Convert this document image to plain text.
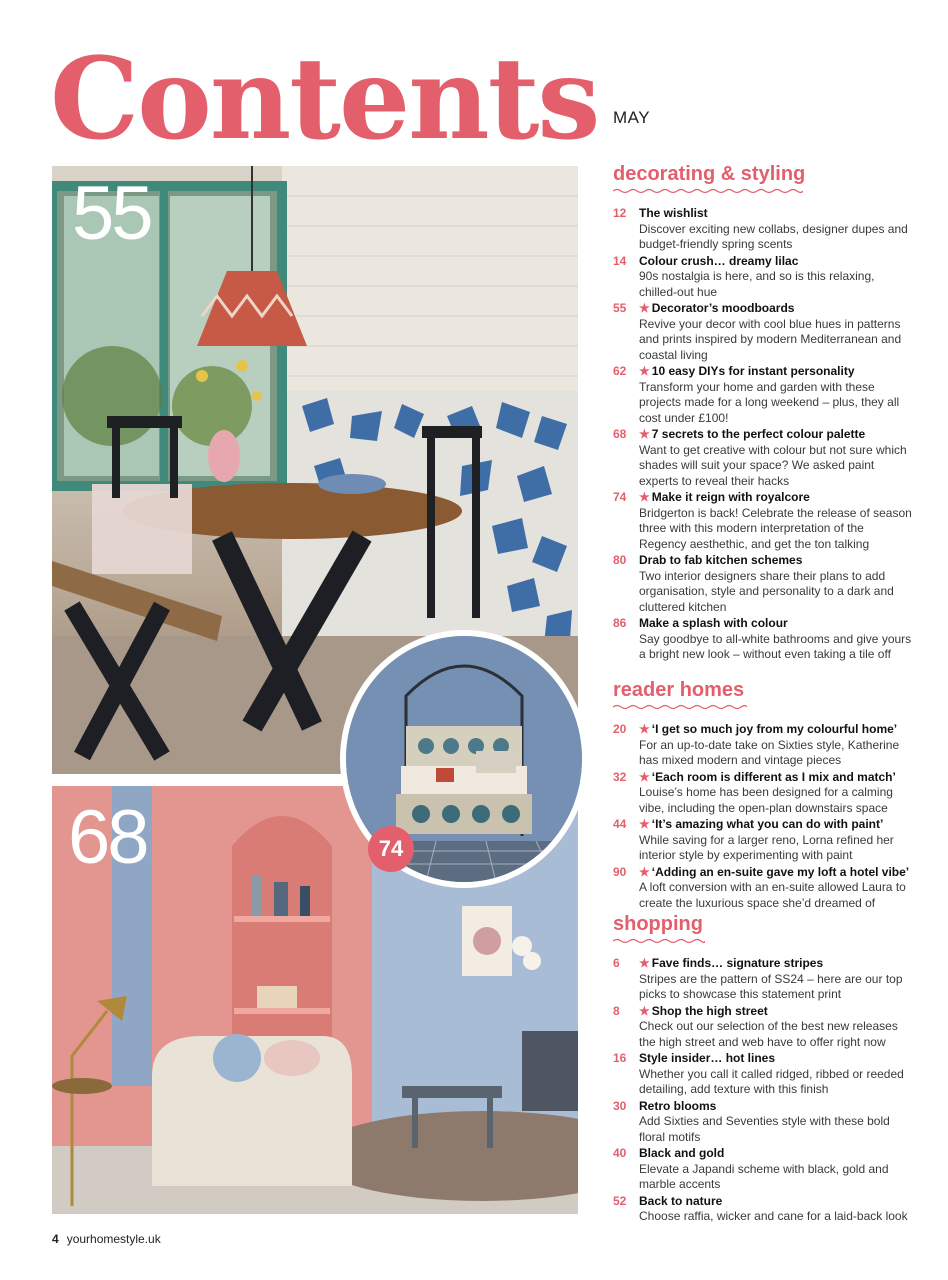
Contents MAY
55
68	74
decorating & styling
12	The wishlist
Discover exciting new collabs, designer dupes and budget-friendly spring scents
14	Colour crush… dreamy lilac
90s nostalgia is here, and so is this relaxing, chilled-out hue
55	★ Decorator’s moodboards
Revive your decor with cool blue hues in patterns and prints inspired by modern Mediterranean and coastal living
62	★ 10 easy DIYs for instant personality
Transform your home and garden with these projects made for a long weekend – plus, they all cost under £100!
68	★ 7 secrets to the perfect colour palette
Want to get creative with colour but not sure which shades will suit your space? We asked paint experts to reveal their hacks
74	★ Make it reign with royalcore
Bridgerton is back! Celebrate the release of season three with this modern interpretation of the Regency aesthethic, and get the ton talking
80	Drab to fab kitchen schemes
Two interior designers share their plans to add organisation, style and personality to a dark and cluttered kitchen
86	Make a splash with colour
Say goodbye to all-white bathrooms and give yours a bright new look – without even taking a tile off
reader homes
20	★ ‘I get so much joy from my colourful home’
For an up-to-date take on Sixties style, Katherine has mixed modern and vintage pieces
32	★ ‘Each room is different as I mix and match’
Louise’s home has been designed for a calming vibe, including the open-plan downstairs space
44	★ ‘It’s amazing what you can do with paint’
While saving for a larger reno, Lorna refined her interior style by experimenting with paint
90	★ ‘Adding an en-suite gave my loft a hotel vibe’
A loft conversion with an en-suite allowed Laura to create the luxurious space she’d dreamed of
shopping
6	★ Fave finds… signature stripes
Stripes are the pattern of SS24 – here are our top picks to showcase this statement print
8	★ Shop the high street
Check out our selection of the best new releases the high street and web have to offer right now
16	Style insider… hot lines
Whether you call it called ridged, ribbed or reeded detailing, add texture with this finish
30	Retro blooms
Add Sixties and Seventies style with these bold floral motifs
40	Black and gold
Elevate a Japandi scheme with black, gold and marble accents
52	Back to nature
Choose raffia, wicker and cane for a laid-back look
4 yourhomestyle.uk
